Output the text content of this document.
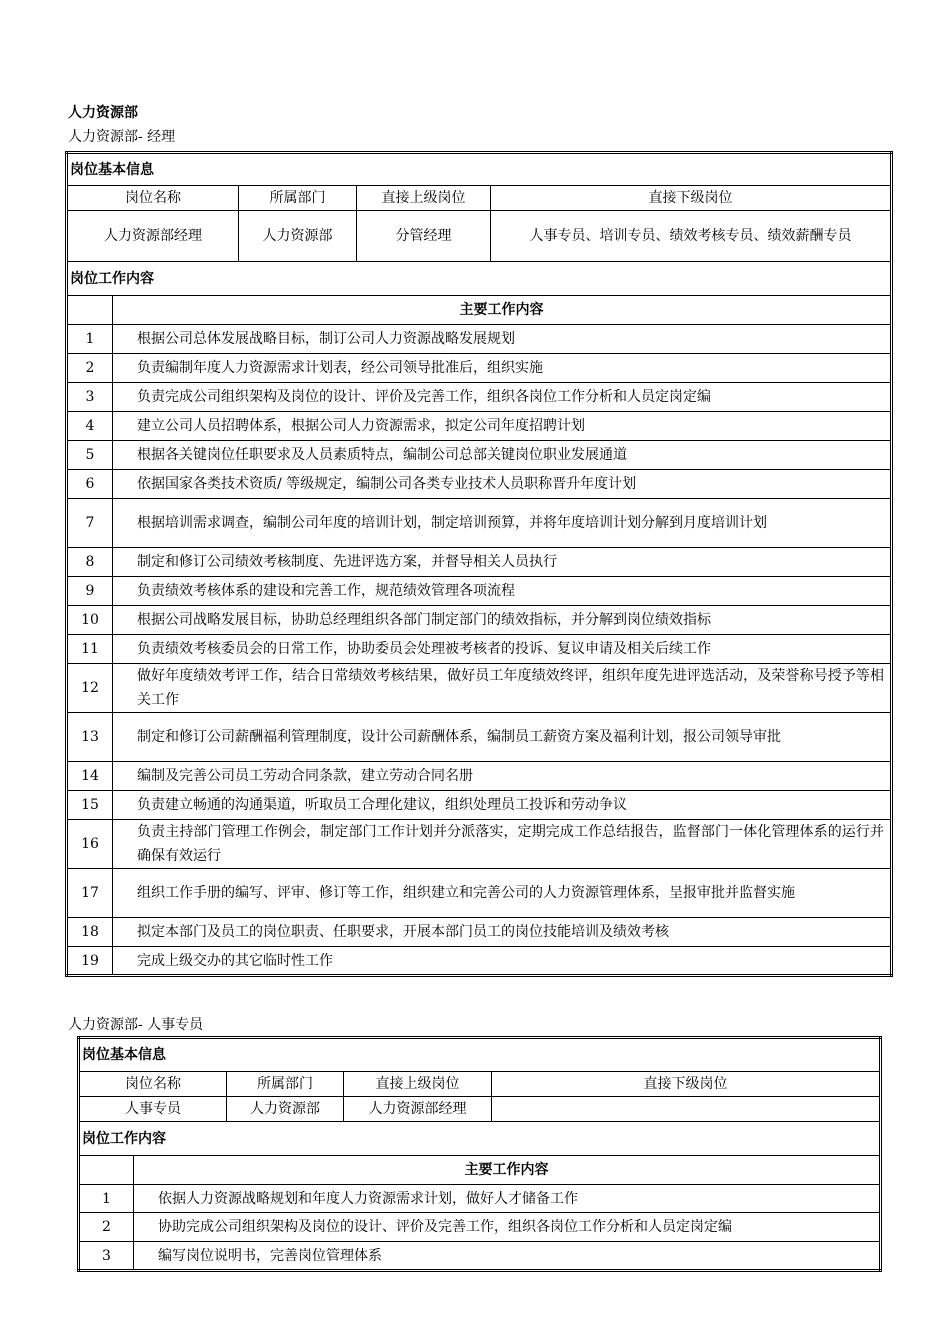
人力资源部
人力资源部- 经理
岗位基本信息				
岗位名称		所属部门	直接上级岗位	直接下级岗位
人力资源部经理		人力资源部	分管经理	人事专员、培训专员、绩效考核专员、绩效薪酬专员
岗位工作内容				
	主要工作内容			
1	根据公司总体发展战略目标，制订公司人力资源战略发展规划			
2	负责编制年度人力资源需求计划表，经公司领导批准后，组织实施			
3	负责完成公司组织架构及岗位的设计、评价及完善工作，组织各岗位工作分析和人员定岗定编			
4	建立公司人员招聘体系，根据公司人力资源需求，拟定公司年度招聘计划			
5	根据各关键岗位任职要求及人员素质特点，编制公司总部关键岗位职业发展通道			
6	依据国家各类技术资质/ 等级规定，编制公司各类专业技术人员职称晋升年度计划			
7	根据培训需求调查，编制公司年度的培训计划，制定培训预算，并将年度培训计划分解到月度培训计划			
8	制定和修订公司绩效考核制度、先进评选方案，并督导相关人员执行			
9	负责绩效考核体系的建设和完善工作，规范绩效管理各项流程			
10	根据公司战略发展目标，协助总经理组织各部门制定部门的绩效指标，并分解到岗位绩效指标			
11	负责绩效考核委员会的日常工作，协助委员会处理被考核者的投诉、复议申请及相关后续工作			
12	做好年度绩效考评工作，结合日常绩效考核结果，做好员工年度绩效终评，组织年度先进评选活动，及荣誉称号授予等相关工作			
13	制定和修订公司薪酬福利管理制度，设计公司薪酬体系，编制员工薪资方案及福利计划，报公司领导审批			
14	编制及完善公司员工劳动合同条款，建立劳动合同名册			
15	负责建立畅通的沟通渠道，听取员工合理化建议，组织处理员工投诉和劳动争议			
16	负责主持部门管理工作例会，制定部门工作计划并分派落实，定期完成工作总结报告，监督部门一体化管理体系的运行并确保有效运行			
17	组织工作手册的编写、评审、修订等工作，组织建立和完善公司的人力资源管理体系，呈报审批并监督实施			
18	拟定本部门及员工的岗位职责、任职要求，开展本部门员工的岗位技能培训及绩效考核			
19	完成上级交办的其它临时性工作			
人力资源部- 人事专员
岗位基本信息				
岗位名称		所属部门	直接上级岗位	直接下级岗位
人事专员		人力资源部	人力资源部经理	
岗位工作内容				
	主要工作内容			
1	依据人力资源战略规划和年度人力资源需求计划，做好人才储备工作			
2	协助完成公司组织架构及岗位的设计、评价及完善工作，组织各岗位工作分析和人员定岗定编			
3	编写岗位说明书，完善岗位管理体系			
